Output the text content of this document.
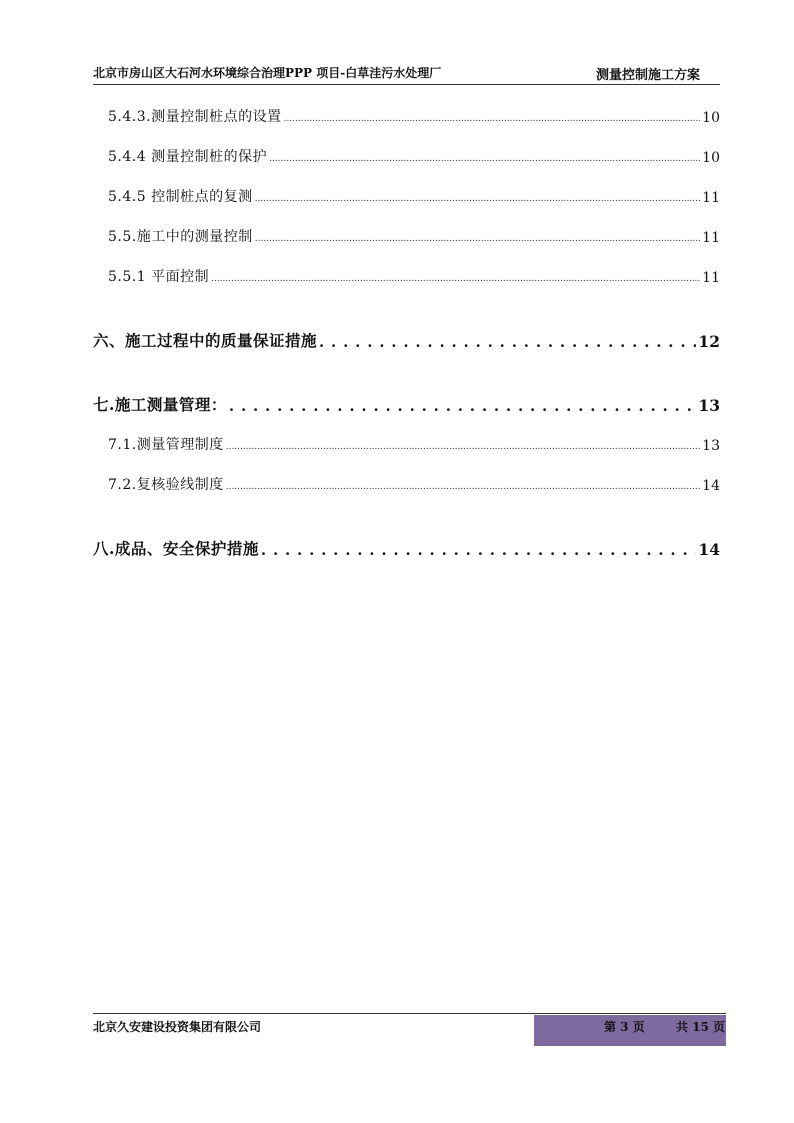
北京市房山区大石河水环境综合治理PPP 项目-白草洼污水处理厂	测量控制施工方案
5.4.3.测量控制桩点的设置 .....	10
5.4.4 测量控制桩的保护 .....	10
5.4.5 控制桩点的复测 .....	11
5.5.施工中的测量控制 .....	11
5.5.1 平面控制 .....	11
六、施工过程中的质量保证措施 . . .	12
七.施工测量管理： . . .	13
7.1.测量管理制度 .....	13
7.2.复核验线制度 .....	14
八.成品、安全保护措施 . . .	14
北京久安建设投资集团有限公司	第 3 页	共 15 页
